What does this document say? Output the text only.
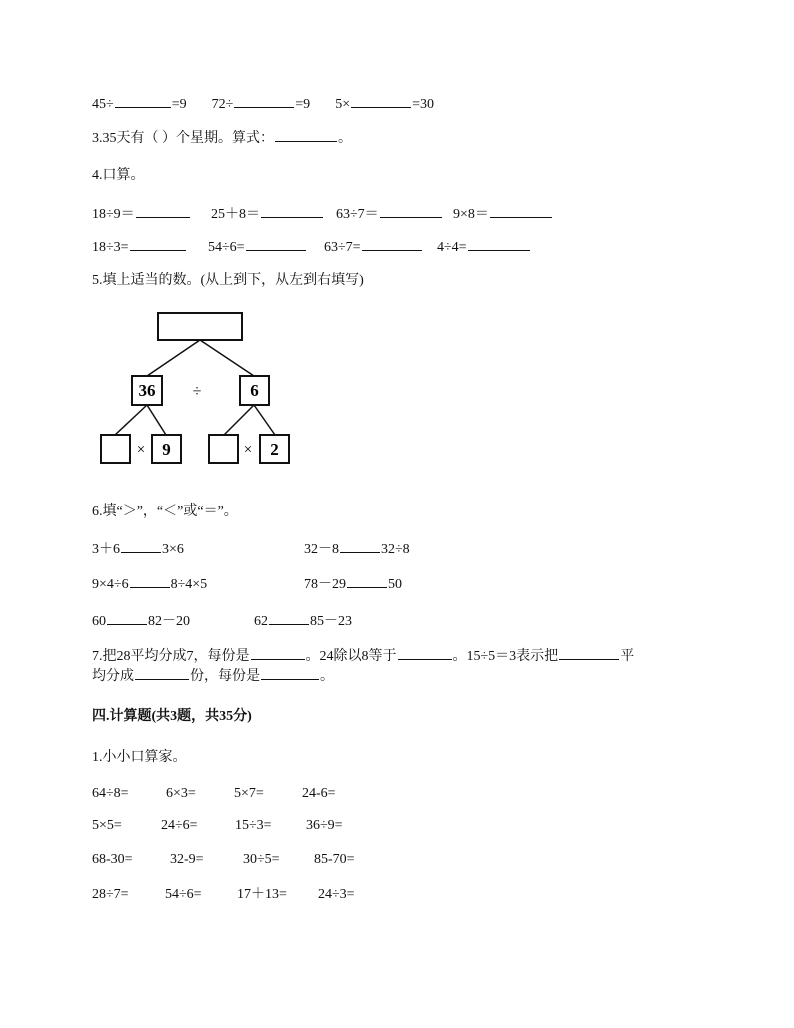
45÷	=9 72÷	=9 5×	=30
3.35天有（ ）个星期。算式：	。
4.口算。
18÷9＝	25＋8＝	63÷7＝	9×8＝
18÷3=	54÷6=	63÷7=	4÷4=
5.填上适当的数。(从上到下，从左到右填写)
36 ÷	6
× 9	× 2
6.填“＞”，“＜”或“＝”。
3＋6	3×6	32－8	32÷8
9×4÷6	8÷4×5	78－29	50
60	82－20	62	85－23
7.把28平均分成7，每份是	。24除以8等于	。15÷5＝3表示把	平
均分成	份，每份是	。
四.计算题(共3题，共35分)
1.小小口算家。
64÷8=	6×3=	5×7=	24-6=
5×5=	24÷6=	15÷3= 36÷9=
68-30=	32-9=	30÷5= 85-70=
28÷7=	54÷6=	17＋13= 24÷3=
